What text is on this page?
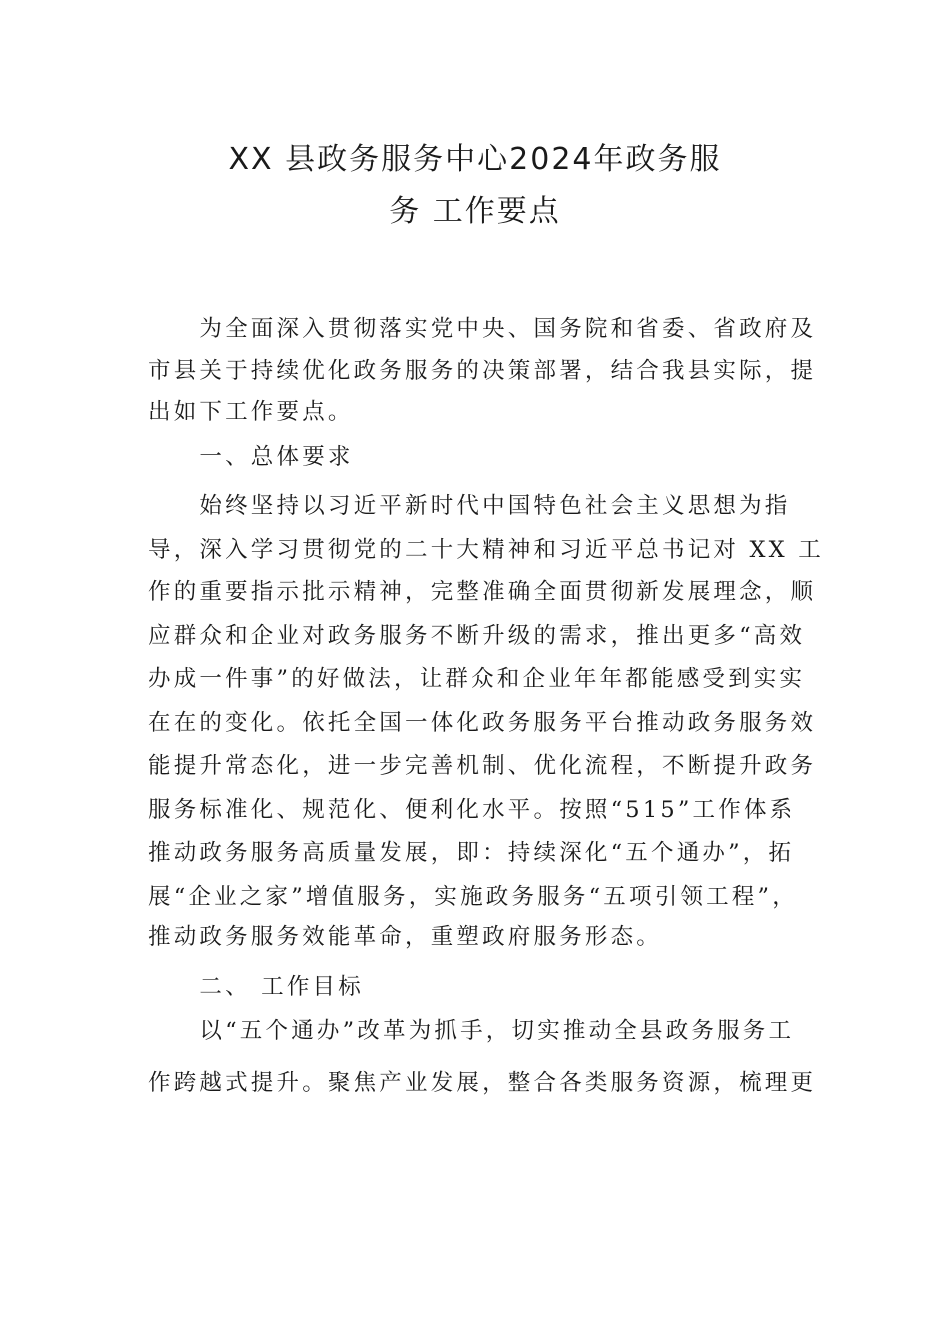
XX 县政务服务中心2024年政务服
务 工作要点
　　为全面深入贯彻落实党中央、国务院和省委、省政府及
市县关于持续优化政务服务的决策部署，结合我县实际，提
出如下工作要点。
　　一、总体要求
　　始终坚持以习近平新时代中国特色社会主义思想为指
导，深入学习贯彻党的二十大精神和习近平总书记对 XX 工
作的重要指示批示精神，完整准确全面贯彻新发展理念，顺
应群众和企业对政务服务不断升级的需求，推出更多“高效
办成一件事”的好做法，让群众和企业年年都能感受到实实
在在的变化。依托全国一体化政务服务平台推动政务服务效
能提升常态化，进一步完善机制、优化流程，不断提升政务
服务标准化、规范化、便利化水平。按照“515”工作体系
推动政务服务高质量发展，即：持续深化“五个通办”，拓
展“企业之家”增值服务，实施政务服务“五项引领工程”，
推动政务服务效能革命，重塑政府服务形态。
　　二、 工作目标
　　以“五个通办”改革为抓手，切实推动全县政务服务工
作跨越式提升。聚焦产业发展，整合各类服务资源，梳理更
